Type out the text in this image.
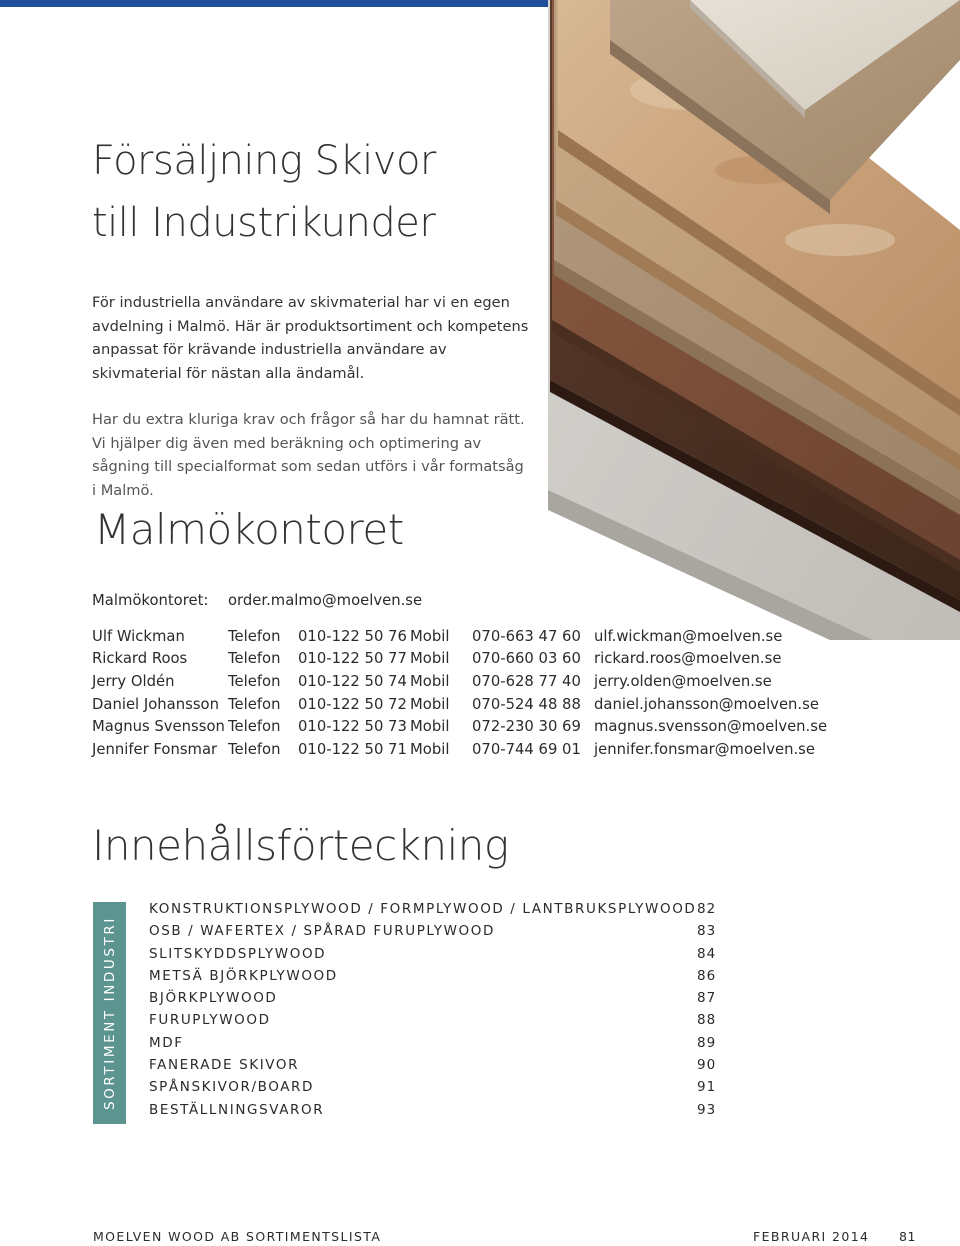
Försäljning Skivor
till Industrikunder

För industriella användare av skivmaterial har vi en egen avdelning i Malmö. Här är produktsortiment och kompetens anpassat för krävande industriella användare av skivmaterial för nästan alla ändamål.

Har du extra kluriga krav och frågor så har du hamnat rätt. Vi hjälper dig även med beräkning och optimering av sågning till specialformat som sedan utförs i vår formatsåg i Malmö.

Malmökontoret
Malmökontoret: order.malmo@moelven.se
Ulf Wickman	Telefon	010-122 50 76	Mobil	070-663 47 60	ulf.wickman@moelven.se
Rickard Roos	Telefon	010-122 50 77	Mobil	070-660 03 60	rickard.roos@moelven.se
Jerry Oldén	Telefon	010-122 50 74	Mobil	070-628 77 40	jerry.olden@moelven.se
Daniel Johansson	Telefon	010-122 50 72	Mobil	070-524 48 88	daniel.johansson@moelven.se
Magnus Svensson	Telefon	010-122 50 73	Mobil	072-230 30 69	magnus.svensson@moelven.se
Jennifer Fonsmar	Telefon	010-122 50 71	Mobil	070-744 69 01	jennifer.fonsmar@moelven.se
Innehållsförteckning
SORTIMENT INDUSTRI
KONSTRUKTIONSPLYWOOD / FORMPLYWOOD / LANTBRUKSPLYWOOD 82
OSB / WAFERTEX / SPÅRAD FURUPLYWOOD	83
SLITSKYDDSPLYWOOD	84
METSÄ BJÖRKPLYWOOD	86
BJÖRKPLYWOOD	87
FURUPLYWOOD	88
MDF	89
FANERADE SKIVOR	90
SPÅNSKIVOR/BOARD	91
BESTÄLLNINGSVAROR	93
MOELVEN WOOD AB SORTIMENTSLISTA	FEBRUARI 2014 81
